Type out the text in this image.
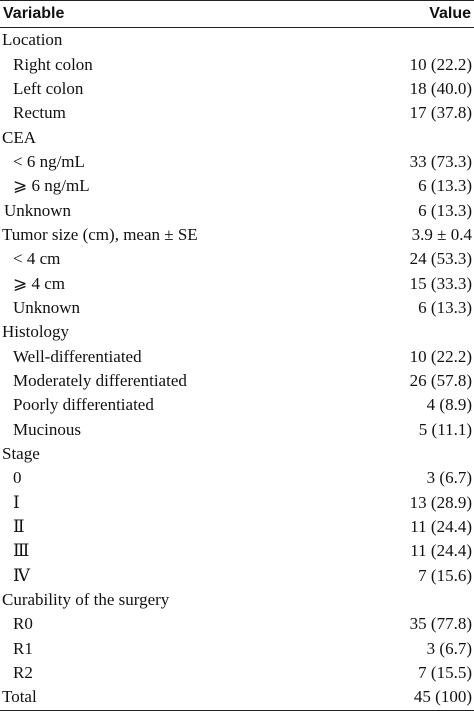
Variable	Value
Location
Right colon	10 (22.2)
Left colon	18 (40.0)
Rectum	17 (37.8)
CEA
< 6 ng/mL	33 (73.3)
⩾ 6 ng/mL	6 (13.3)
Unknown	6 (13.3)
Tumor size (cm), mean ± SE	3.9 ± 0.4
< 4 cm	24 (53.3)
⩾ 4 cm	15 (33.3)
Unknown	6 (13.3)
Histology
Well-differentiated	10 (22.2)
Moderately differentiated	26 (57.8)
Poorly differentiated	4 (8.9)
Mucinous	5 (11.1)
Stage
0	3 (6.7)
Ⅰ	13 (28.9)
Ⅱ	11 (24.4)
Ⅲ	11 (24.4)
Ⅳ	7 (15.6)
Curability of the surgery
R0	35 (77.8)
R1	3 (6.7)
R2	7 (15.5)
Total	45 (100)
